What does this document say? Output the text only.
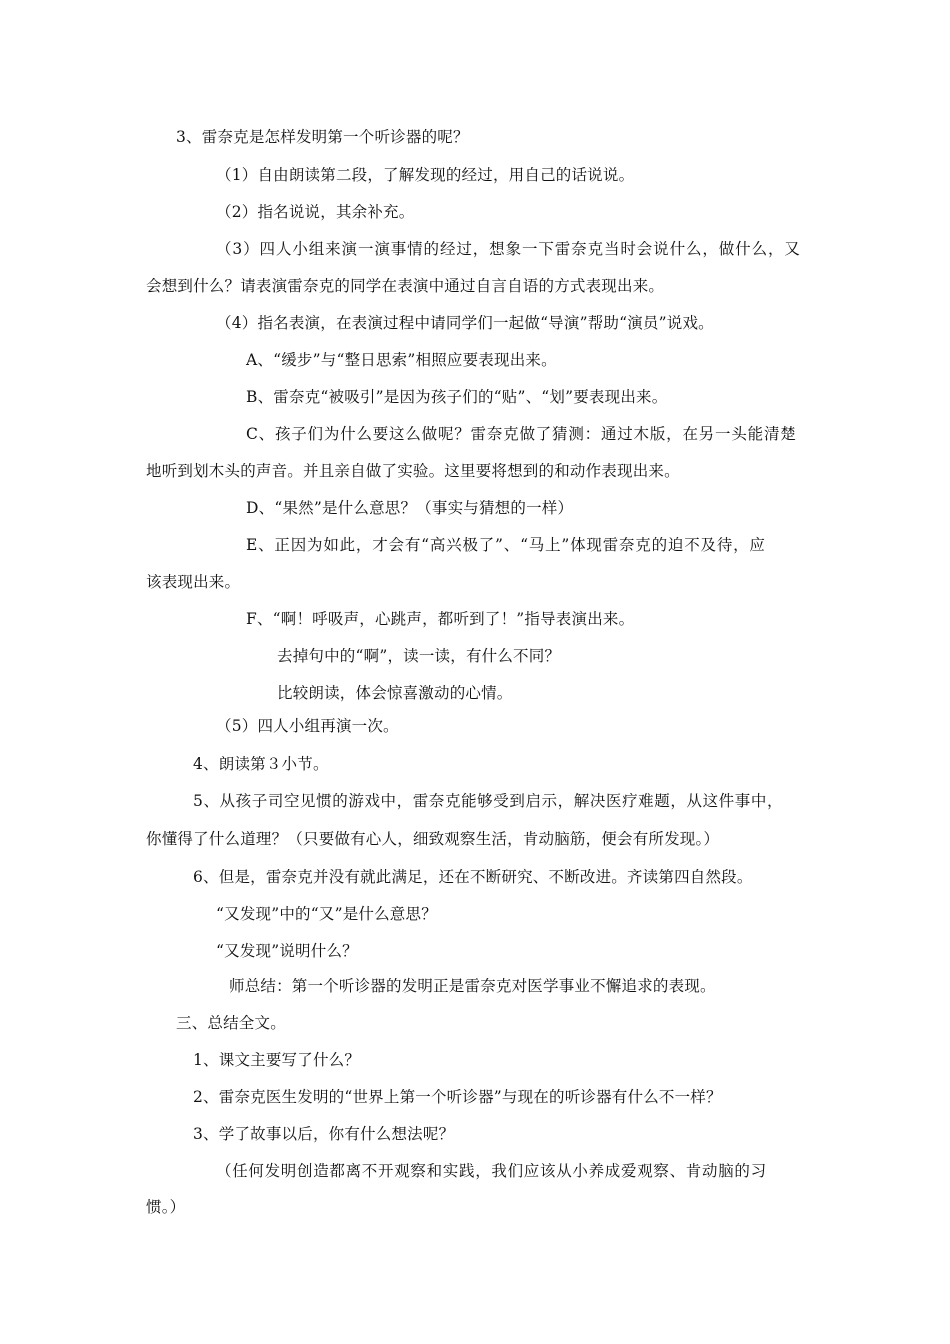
3、雷奈克是怎样发明第一个听诊器的呢？
（1）自由朗读第二段，了解发现的经过，用自己的话说说。
（2）指名说说，其余补充。
（3）四人小组来演一演事情的经过，想象一下雷奈克当时会说什么，做什么，又
会想到什么？请表演雷奈克的同学在表演中通过自言自语的方式表现出来。
（4）指名表演，在表演过程中请同学们一起做“导演”帮助“演员”说戏。
A、“缓步”与“整日思索”相照应要表现出来。
B、雷奈克“被吸引”是因为孩子们的“贴”、“划”要表现出来。
C、孩子们为什么要这么做呢？雷奈克做了猜测：通过木版，在另一头能清楚
地听到划木头的声音。并且亲自做了实验。这里要将想到的和动作表现出来。
D、“果然”是什么意思？（事实与猜想的一样）
E、正因为如此，才会有“高兴极了”、“马上”体现雷奈克的迫不及待，应
该表现出来。
F、“啊！呼吸声，心跳声，都听到了！”指导表演出来。
去掉句中的“啊”，读一读，有什么不同？
比较朗读，体会惊喜激动的心情。
（5）四人小组再演一次。
4、朗读第３小节。
5、从孩子司空见惯的游戏中，雷奈克能够受到启示，解决医疗难题，从这件事中，
你懂得了什么道理？（只要做有心人，细致观察生活，肯动脑筋，便会有所发现。）
6、但是，雷奈克并没有就此满足，还在不断研究、不断改进。齐读第四自然段。
“又发现”中的“又”是什么意思？
“又发现”说明什么？
师总结：第一个听诊器的发明正是雷奈克对医学事业不懈追求的表现。
三、总结全文。
1、课文主要写了什么？
2、雷奈克医生发明的“世界上第一个听诊器”与现在的听诊器有什么不一样？
3、学了故事以后，你有什么想法呢？
（任何发明创造都离不开观察和实践，我们应该从小养成爱观察、肯动脑的习
惯。）
